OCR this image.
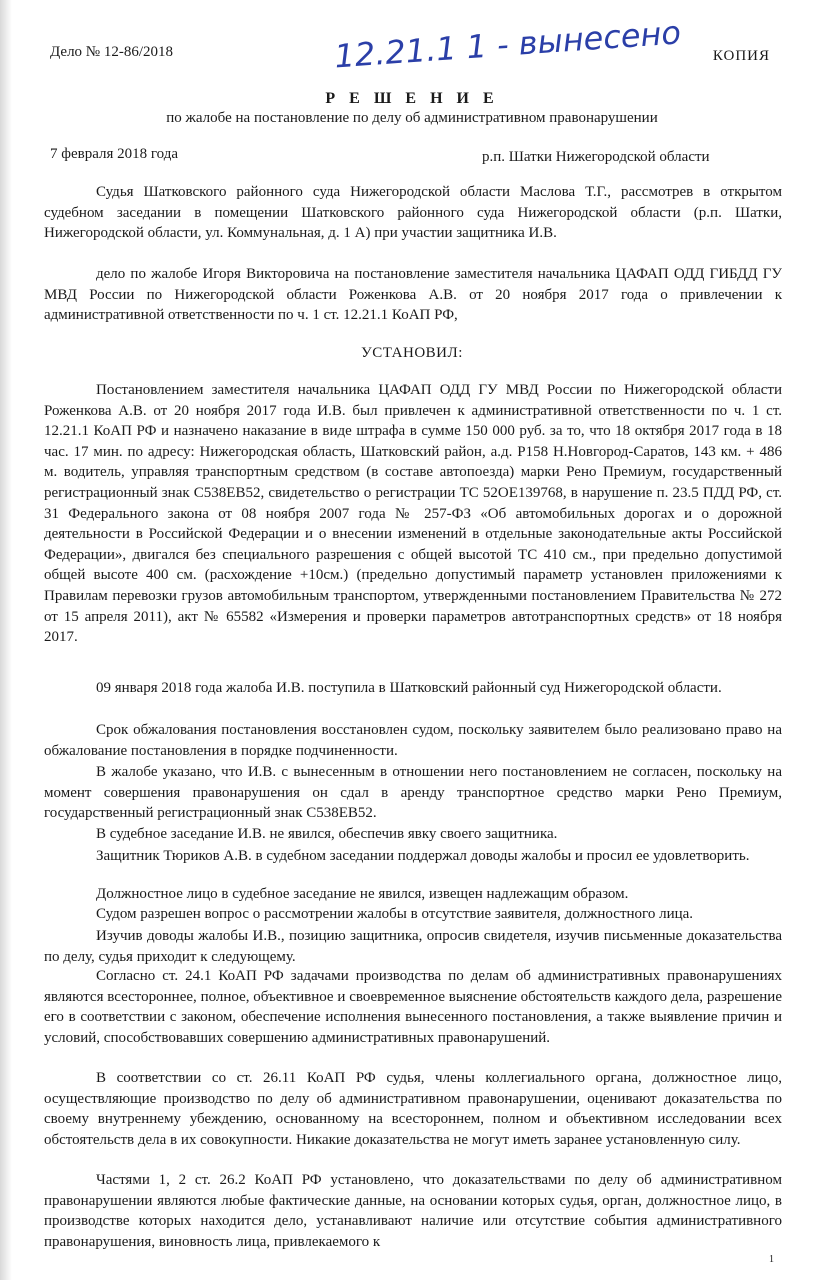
Дело № 12-86/2018	12.21.1 1 - вынесено КОПИЯ
Р Е Ш Е Н И Е
по жалобе на постановление по делу об административном правонарушении
7 февраля 2018 года	р.п. Шатки Нижегородской области
Судья Шатковского районного суда Нижегородской области Маслова Т.Г., рассмотрев в открытом судебном заседании в помещении Шатковского районного суда Нижегородской области (р.п. Шатки, Нижегородской области, ул. Коммунальная, д. 1 А) при участии защитника И.В.
дело по жалобе Игоря Викторовича на постановление заместителя начальника ЦАФАП ОДД ГИБДД ГУ МВД России по Нижегородской области Роженкова А.В. от 20 ноября 2017 года о привлечении к административной ответственности по ч. 1 ст. 12.21.1 КоАП РФ,
УСТАНОВИЛ:
Постановлением заместителя начальника ЦАФАП ОДД ГУ МВД России по Нижегородской области Роженкова А.В. от 20 ноября 2017 года И.В. был привлечен к административной ответственности по ч. 1 ст. 12.21.1 КоАП РФ и назначено наказание в виде штрафа в сумме 150 000 руб. за то, что 18 октября 2017 года в 18 час. 17 мин. по адресу: Нижегородская область, Шатковский район, а.д. Р158 Н.Новгород-Саратов, 143 км. + 486 м. водитель, управляя транспортным средством (в составе автопоезда) марки Рено Премиум, государственный регистрационный знак С538ЕВ52, свидетельство о регистрации ТС 52ОЕ139768, в нарушение п. 23.5 ПДД РФ, ст. 31 Федерального закона от 08 ноября 2007 года № 257-ФЗ «Об автомобильных дорогах и о дорожной деятельности в Российской Федерации и о внесении изменений в отдельные законодательные акты Российской Федерации», двигался без специального разрешения с общей высотой ТС 410 см., при предельно допустимой общей высоте 400 см. (расхождение +10см.) (предельно допустимый параметр установлен приложениями к Правилам перевозки грузов автомобильным транспортом, утвержденными постановлением Правительства № 272 от 15 апреля 2011), акт № 65582 «Измерения и проверки параметров автотранспортных средств» от 18 ноября 2017.
09 января 2018 года жалоба И.В. поступила в Шатковский районный суд Нижегородской области.
Срок обжалования постановления восстановлен судом, поскольку заявителем было реализовано право на обжалование постановления в порядке подчиненности.
В жалобе указано, что И.В. с вынесенным в отношении него постановлением не согласен, поскольку на момент совершения правонарушения он сдал в аренду транспортное средство марки Рено Премиум, государственный регистрационный знак С538ЕВ52.
В судебное заседание И.В. не явился, обеспечив явку своего защитника.
Защитник Тюриков А.В. в судебном заседании поддержал доводы жалобы и просил ее удовлетворить.
Должностное лицо в судебное заседание не явился, извещен надлежащим образом.
Судом разрешен вопрос о рассмотрении жалобы в отсутствие заявителя, должностного лица.
Изучив доводы жалобы И.В., позицию защитника, опросив свидетеля, изучив письменные доказательства по делу, судья приходит к следующему.
Согласно ст. 24.1 КоАП РФ задачами производства по делам об административных правонарушениях являются всестороннее, полное, объективное и своевременное выяснение обстоятельств каждого дела, разрешение его в соответствии с законом, обеспечение исполнения вынесенного постановления, а также выявление причин и условий, способствовавших совершению административных правонарушений.
В соответствии со ст. 26.11 КоАП РФ судья, члены коллегиального органа, должностное лицо, осуществляющие производство по делу об административном правонарушении, оценивают доказательства по своему внутреннему убеждению, основанному на всестороннем, полном и объективном исследовании всех обстоятельств дела в их совокупности. Никакие доказательства не могут иметь заранее установленную силу.
Частями 1, 2 ст. 26.2 КоАП РФ установлено, что доказательствами по делу об административном правонарушении являются любые фактические данные, на основании которых судья, орган, должностное лицо, в производстве которых находится дело, устанавливают наличие или отсутствие события административного правонарушения, виновность лица, привлекаемого к
1
